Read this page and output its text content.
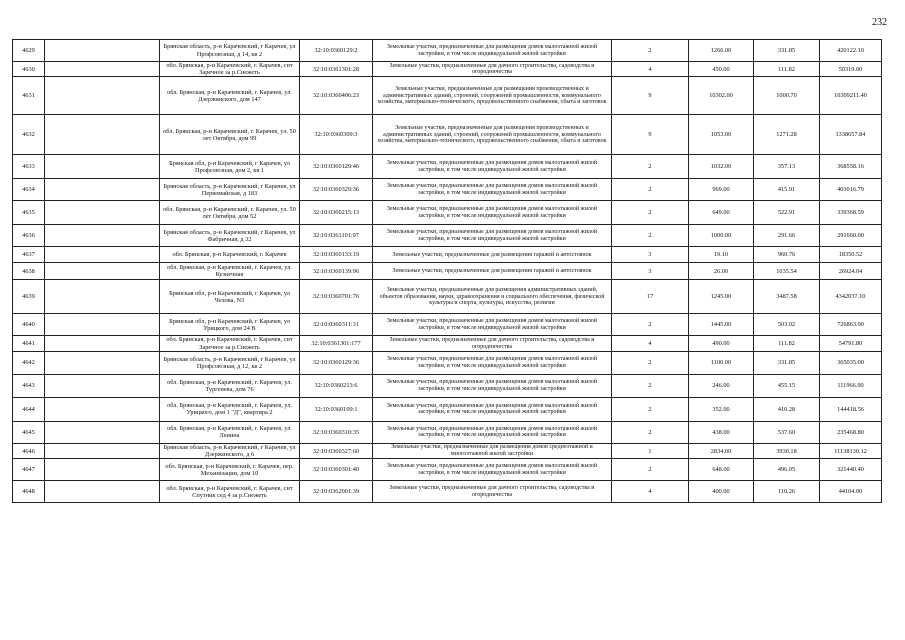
232
4629		Брянская область, р-н Карачевский, г Карачев, ул Профсоюзная, д 14, кв 2	32:10:0360129:2	Земельные участки, предназначенные для размещения домов малоэтажной жилой застройки, в том числе индивидуальной жилой застройки	2	1266.00	331.85	420122.10
4630		обл. Брянская, р-н Карачевский, г. Карачев, снт Заречное за р.Снежеть	32:10:0361301:28	Земельные участки, предназначенные для дачного строительства, садоводства и огородничества	4	450.00	111.82	50319.00
4631		обл. Брянская, р-н Карачевский, г. Карачев, ул. Дзержинского, дом 147	32:10:0360406:23	Земельные участки, предназначенные для размещения производственных и административных зданий, строений, сооружений промышленности, коммунального хозяйства, материально-технического, продовольственного снабжения, сбыта и заготовок	9	10302.00	1000.70	10309211.40
4632		обл. Брянская, р-н Карачевский, г. Карачев, ул. 50 лет Октября, дом 99	32:10:0360309:3	Земельные участки, предназначенные для размещения производственных и административных зданий, строений, сооружений промышленности, коммунального хозяйства, материально-технического, продовольственного снабжения, сбыта и заготовок	9	1053.00	1271.28	1338657.84
4633		Брянская обл, р-н Карачевский, г Карачев, ул Профсоюзная, дом 2, кв 1	32:10:0360129:46	Земельные участки, предназначенные для размещения домов малоэтажной жилой застройки, в том числе индивидуальной жилой застройки	2	1032.00	357.13	368558.16
4634		Брянская область, р-н Карачевский, г Карачев, ул Первомайская, д 183	32:10:0360329:36	Земельные участки, предназначенные для размещения домов малоэтажной жилой застройки, в том числе индивидуальной жилой застройки	2	969.00	415.91	403016.79
4635		обл. Брянская, р-н Карачевский, г. Карачев, ул. 50 лет Октября, дом 52	32:10:0360215:13	Земельные участки, предназначенные для размещения домов малоэтажной жилой застройки, в том числе индивидуальной жилой застройки	2	649.00	522.91	339368.59
4636		Брянская область, р-н Карачевский, г Карачев, ул Фабричная, д 32	32:10:0361101:97	Земельные участки, предназначенные для размещения домов малоэтажной жилой застройки, в том числе индивидуальной жилой застройки	2	1000.00	291.66	291660.00
4637		обл. Брянская, р-н Карачевский, г. Карачев	32:10:0360133:19	Земельные участки, предназначенные для размещения гаражей и автостоянок	3	19.10	960.76	18350.52
4638		обл. Брянская, р-н Карачевский, г. Карачев, ул. Кузнечная	32:10:0360139:96	Земельные участки, предназначенные для размещения гаражей и автостоянок	3	26.00	1035.54	26924.04
4639		Брянская обл, р-н Карачевский, г Карачев, ул Чехова, N3	32:10:0360701:76	Земельные участки, предназначенные для размещения административных зданий, объектов образования, науки, здравоохранения и социального обеспечения, физической культуры и спорта, культуры, искусства, религии	17	1245.00	3487.58	4342037.10
4640		Брянская обл, р-н Карачевский, г Карачев, ул Урицкого, дом 24 В	32:10:0360311:31	Земельные участки, предназначенные для размещения домов малоэтажной жилой застройки, в том числе индивидуальной жилой застройки	2	1445.00	503.02	726863.90
4641		обл. Брянская, р-н Карачевский, г. Карачев, снт Заречное за р.Снежеть	32:10:0361301:177	Земельные участки, предназначенные для дачного строительства, садоводства и огородничества	4	490.00	111.82	54791.80
4642		Брянская область, р-н Карачевский, г Карачев, ул Профсоюзная, д 12, кв 2	32:10:0360129:36	Земельные участки, предназначенные для размещения домов малоэтажной жилой застройки, в том числе индивидуальной жилой застройки	2	1100.00	331.85	365035.00
4643		обл. Брянская, р-н Карачевский, г. Карачев, ул. Тургенева, дом 76	32:10:0360213:6	Земельные участки, предназначенные для размещения домов малоэтажной жилой застройки, в том числе индивидуальной жилой застройки	2	246.00	455.15	111966.90
4644		обл. Брянская, р-н Карачевский, г. Карачев, ул. Урицкого, дом 1 "Д", квартира 2	32:10:0360109:1	Земельные участки, предназначенные для размещения домов малоэтажной жилой застройки, в том числе индивидуальной жилой застройки	2	352.00	410.28	144418.56
4645		обл. Брянская, р-н Карачевский, г. Карачев, ул. Ленина	32:10:0360310:35	Земельные участки, предназначенные для размещения домов малоэтажной жилой застройки, в том числе индивидуальной жилой застройки	2	438.00	537.60	235468.80
4646		Брянская область, р-н Карачевский, г Карачев, ул Дзержинского, д 6	32:10:0360327:60	Земельные участки, предназначенные для размещения домов среднеэтажной и многоэтажной жилой застройки	1	2834.00	3930.18	11138130.12
4647		обл. Брянская, р-н Карачевский, г. Карачев, пер. Механизации, дом 10	32:10:0360301:40	Земельные участки, предназначенные для размещения домов малоэтажной жилой застройки, в том числе индивидуальной жилой застройки	2	648.00	496.05	321440.40
4648		обл. Брянская, р-н Карачевский, г. Карачев, снт Спутник сед 4 за р.Снежеть	32:10:0362001:39	Земельные участки, предназначенные для дачного строительства, садоводства и огородничества	4	400.00	110.26	44104.00
